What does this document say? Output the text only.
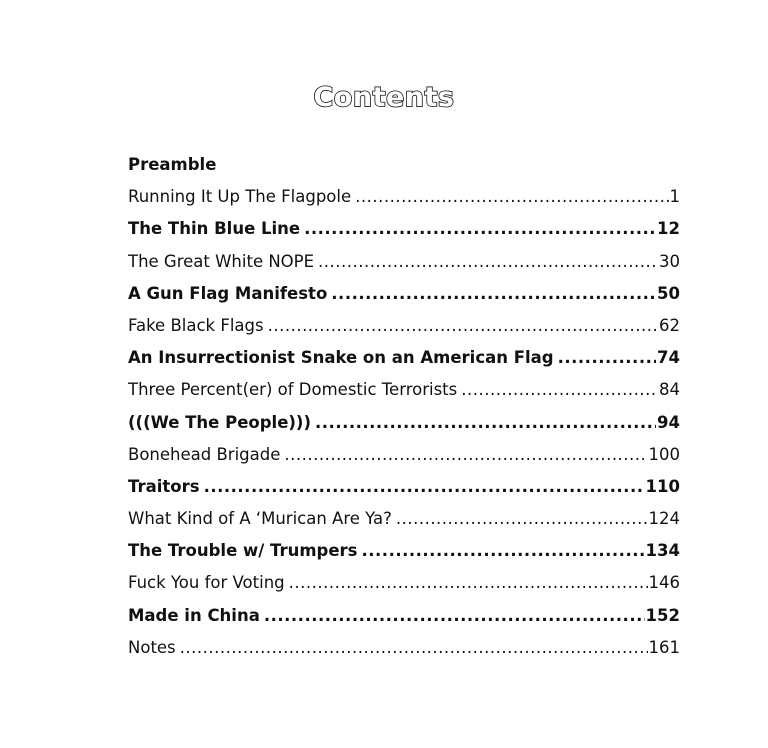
Contents
Preamble
Running It Up The Flagpole .....	1
The Thin Blue Line .....	12
The Great White NOPE .....	30
A Gun Flag Manifesto .....	50
Fake Black Flags .....	62
An Insurrectionist Snake on an American Flag .....	74
Three Percent(er) of Domestic Terrorists .....	84
(((We The People))) .....	94
Bonehead Brigade .....	100
Traitors .....	110
What Kind of A ‘Murican Are Ya? .....	124
The Trouble w/ Trumpers .....	134
Fuck You for Voting .....	146
Made in China .....	152
Notes .....	161
